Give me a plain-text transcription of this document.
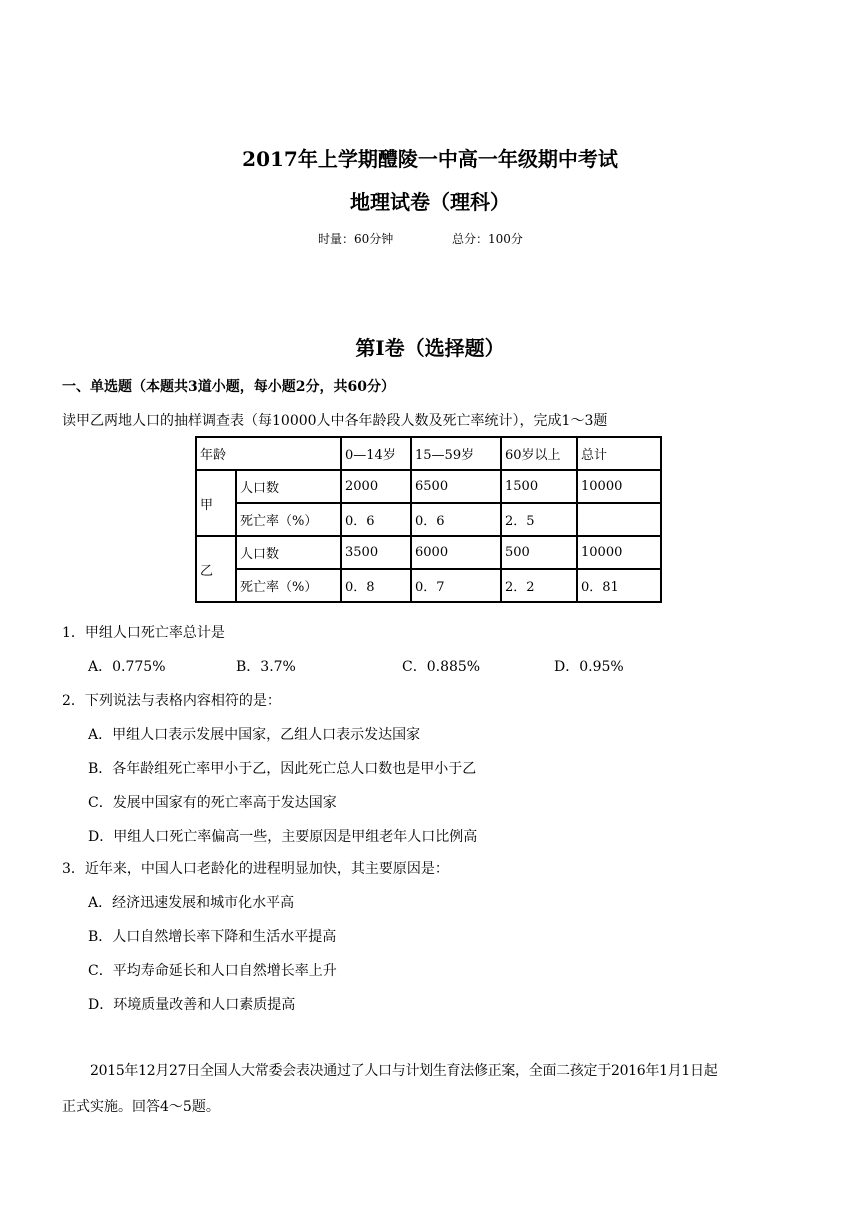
2017年上学期醴陵一中高一年级期中考试
地理试卷（理科）
时量：60分钟	总分：100分
第I卷（选择题）
一、单选题（本题共3道小题，每小题2分，共60分）
读甲乙两地人口的抽样调查表（每10000人中各年龄段人数及死亡率统计），完成1～3题
年龄		0—14岁	15—59岁	60岁以上	总计
甲	人口数	2000	6500	1500	10000
	死亡率（%）	0．6	0．6	2．5	
乙	人口数	3500	6000	500	10000
	死亡率（%）	0．8	0．7	2．2	0．81
1．甲组人口死亡率总计是
A．0.775%	B．3.7%	C．0.885%	D．0.95%
2．下列说法与表格内容相符的是：
A．甲组人口表示发展中国家，乙组人口表示发达国家
B．各年龄组死亡率甲小于乙，因此死亡总人口数也是甲小于乙
C．发展中国家有的死亡率高于发达国家
D．甲组人口死亡率偏高一些，主要原因是甲组老年人口比例高
3．近年来，中国人口老龄化的进程明显加快，其主要原因是：
A．经济迅速发展和城市化水平高
B．人口自然增长率下降和生活水平提高
C．平均寿命延长和人口自然增长率上升
D．环境质量改善和人口素质提高
2015年12月27日全国人大常委会表决通过了人口与计划生育法修正案，全面二孩定于2016年1月1日起
正式实施。回答4～5题。
